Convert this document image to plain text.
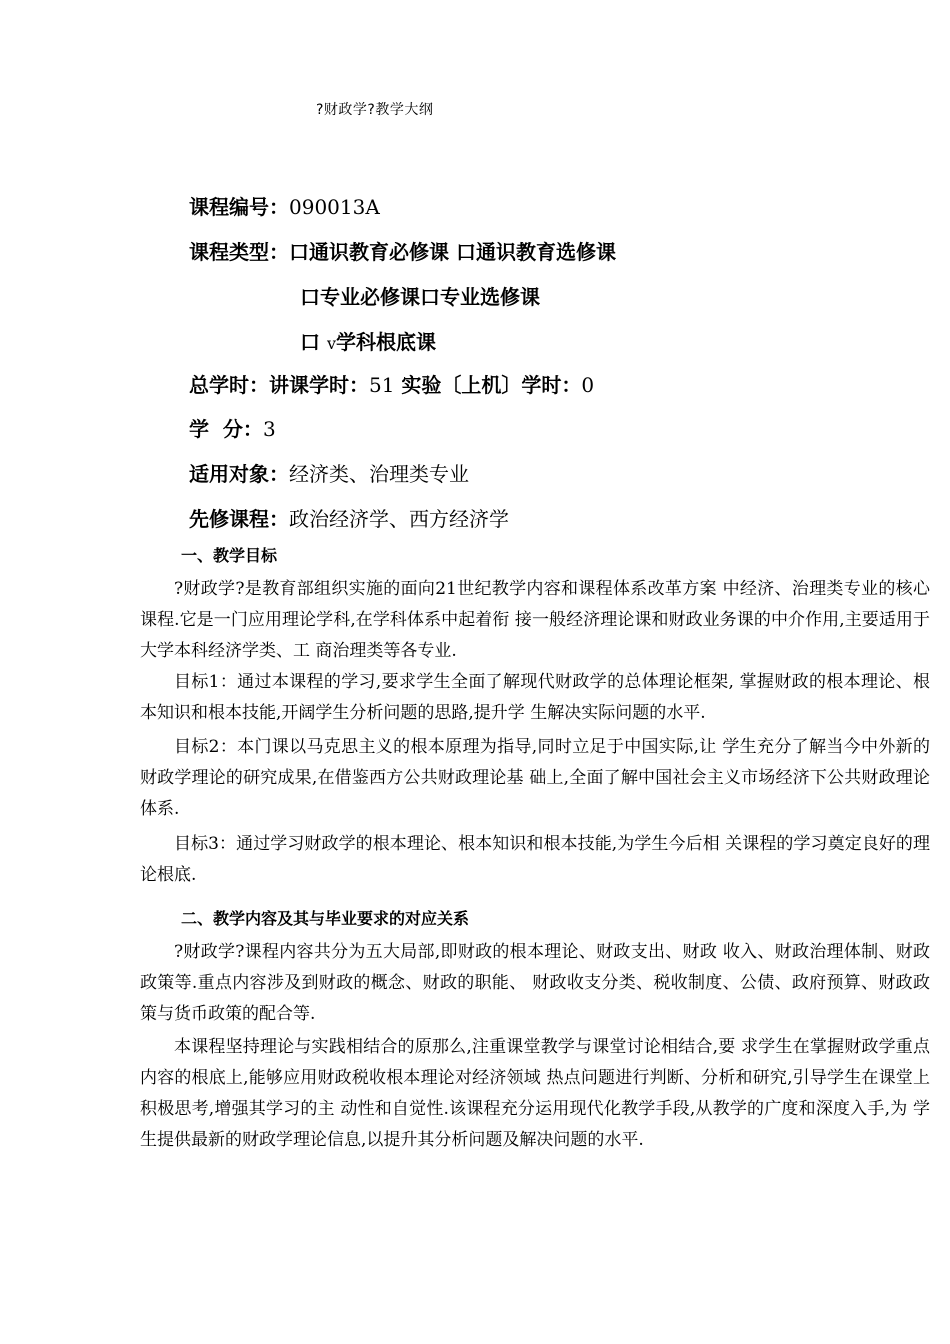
?财政学?教学大纲
课程编号：090013A
课程类型：口通识教育必修课 口通识教育选修课
口专业必修课口专业选修课
口 v学科根底课
总学时：讲课学时：51 实验〔上机〕学时：0
学  分：3
适用对象：经济类、治理类专业
先修课程：政治经济学、西方经济学
一、教学目标

?财政学?是教育部组织实施的面向21世纪教学内容和课程体系改革方案 中经济、治理类专业的核心课程.它是一门应用理论学科,在学科体系中起着衔 接一般经济理论课和财政业务课的中介作用,主要适用于大学本科经济学类、工 商治理类等各专业.

目标1：通过本课程的学习,要求学生全面了解现代财政学的总体理论框架, 掌握财政的根本理论、根本知识和根本技能,开阔学生分析问题的思路,提升学 生解决实际问题的水平.

目标2：本门课以马克思主义的根本原理为指导,同时立足于中国实际,让 学生充分了解当今中外新的财政学理论的研究成果,在借鉴西方公共财政理论基 础上,全面了解中国社会主义市场经济下公共财政理论体系.

目标3：通过学习财政学的根本理论、根本知识和根本技能,为学生今后相 关课程的学习奠定良好的理论根底.

二、教学内容及其与毕业要求的对应关系

?财政学?课程内容共分为五大局部,即财政的根本理论、财政支出、财政 收入、财政治理体制、财政政策等.重点内容涉及到财政的概念、财政的职能、 财政收支分类、税收制度、公债、政府预算、财政政策与货币政策的配合等.

本课程坚持理论与实践相结合的原那么,注重课堂教学与课堂讨论相结合,要 求学生在掌握财政学重点内容的根底上,能够应用财政税收根本理论对经济领域 热点问题进行判断、分析和研究,引导学生在课堂上积极思考,增强其学习的主 动性和自觉性.该课程充分运用现代化教学手段,从教学的广度和深度入手,为 学生提供最新的财政学理论信息,以提升其分析问题及解决问题的水平.
